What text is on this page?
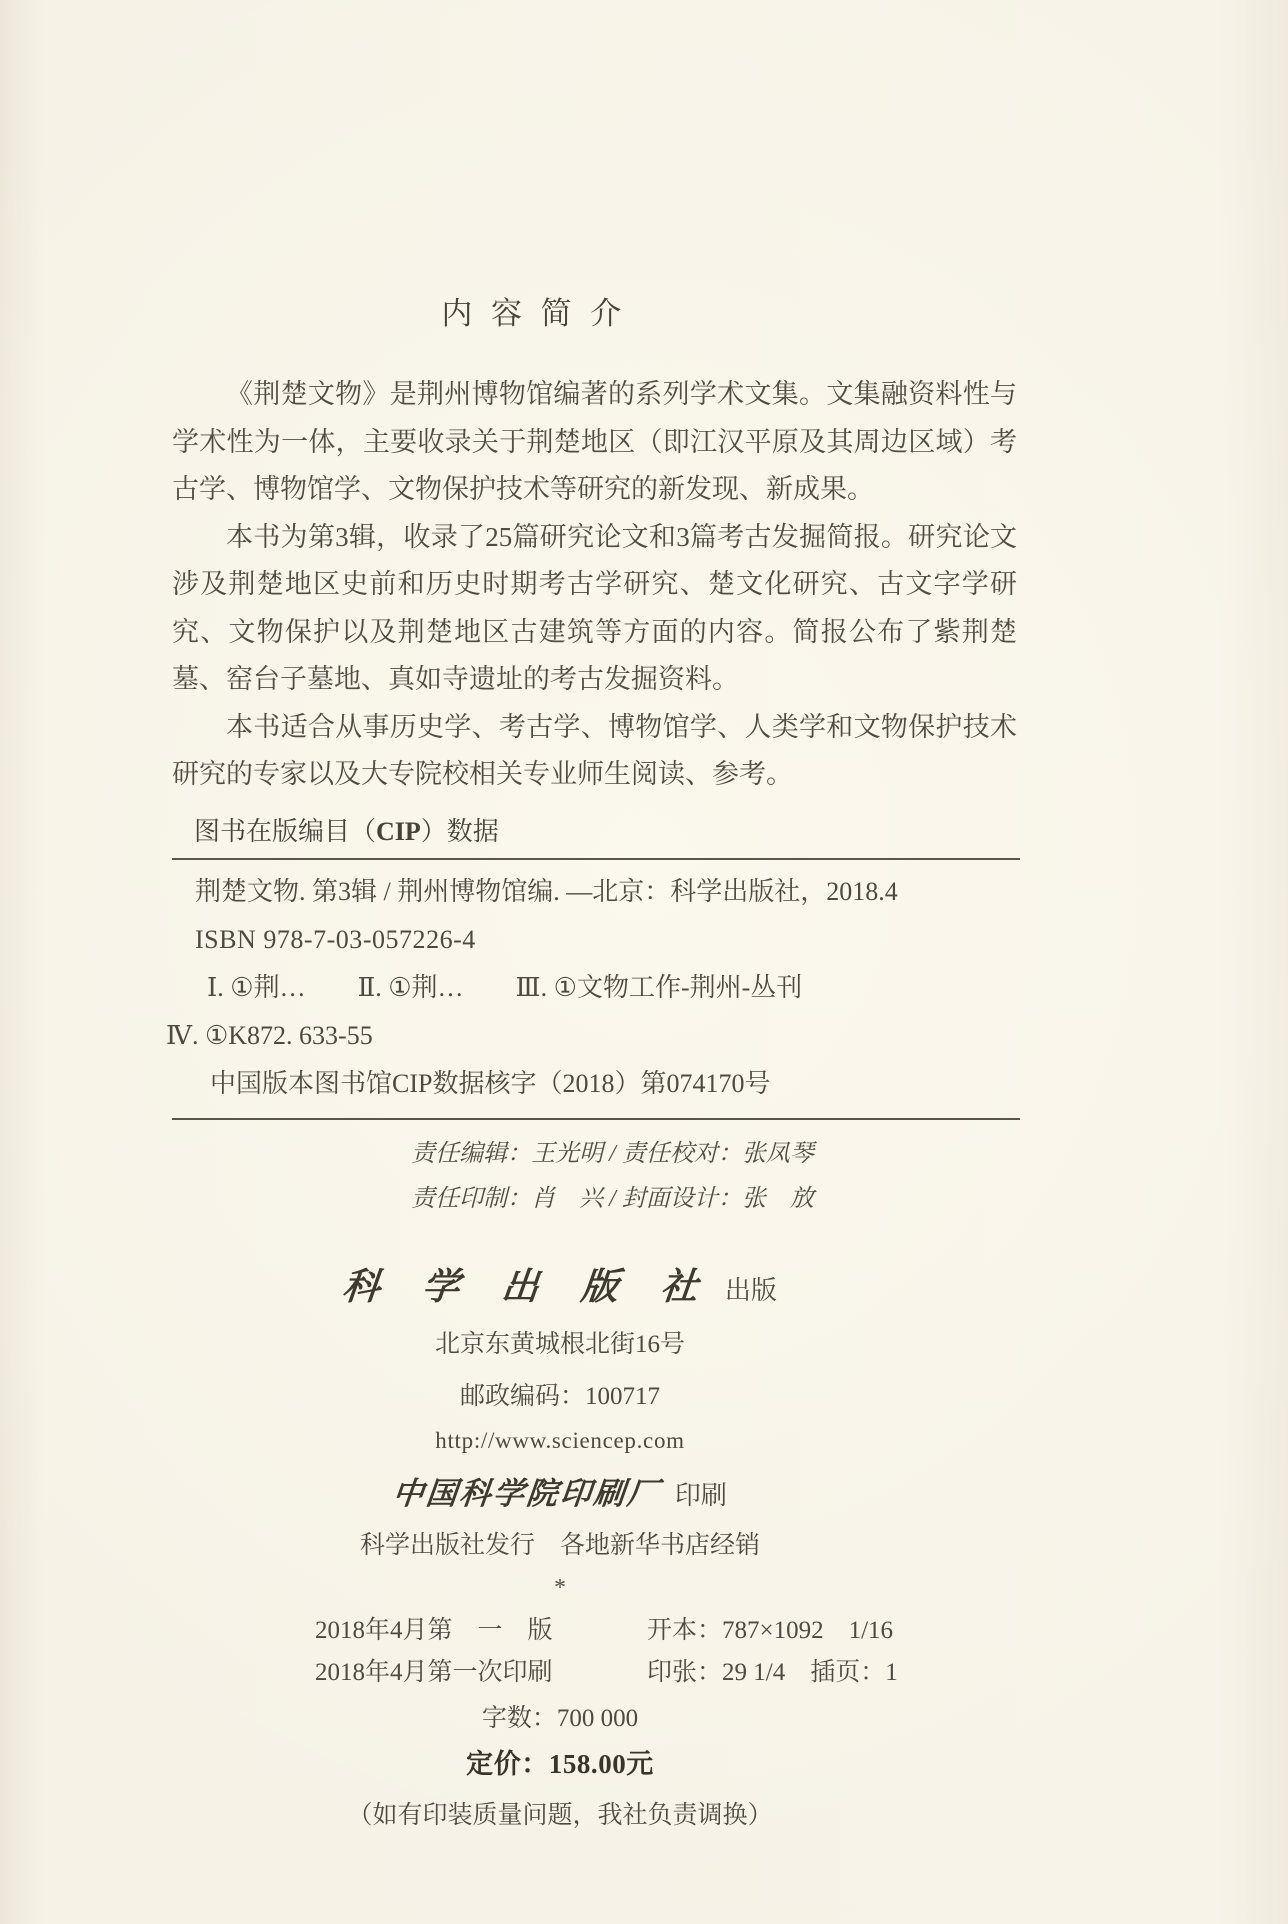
内容简介

《荆楚文物》是荆州博物馆编著的系列学术文集。文集融资料性与学术性为一体，主要收录关于荆楚地区（即江汉平原及其周边区域）考古学、博物馆学、文物保护技术等研究的新发现、新成果。

本书为第3辑，收录了25篇研究论文和3篇考古发掘简报。研究论文涉及荆楚地区史前和历史时期考古学研究、楚文化研究、古文字学研究、文物保护以及荆楚地区古建筑等方面的内容。简报公布了紫荆楚墓、窑台子墓地、真如寺遗址的考古发掘资料。

本书适合从事历史学、考古学、博物馆学、人类学和文物保护技术研究的专家以及大专院校相关专业师生阅读、参考。

图书在版编目（CIP）数据
荆楚文物. 第3辑 / 荆州博物馆编. —北京：科学出版社，2018.4
ISBN 978-7-03-057226-4
Ⅰ. ①荆…　　Ⅱ. ①荆…　　Ⅲ. ①文物工作-荆州-丛刊
Ⅳ. ①K872. 633-55
中国版本图书馆CIP数据核字（2018）第074170号
责任编辑：王光明 / 责任校对：张凤琴
责任印制：肖　兴 / 封面设计：张　放
科 学 出 版 社 出版
北京东黄城根北街16号
邮政编码：100717
http://www.sciencep.com
中国科学院印刷厂 印刷
科学出版社发行　各地新华书店经销
*
2018年4月第　一　版	开本：787×1092　1/16
2018年4月第一次印刷	印张：29 1/4　插页：1
字数：700 000
定价：158.00元
（如有印装质量问题，我社负责调换）
